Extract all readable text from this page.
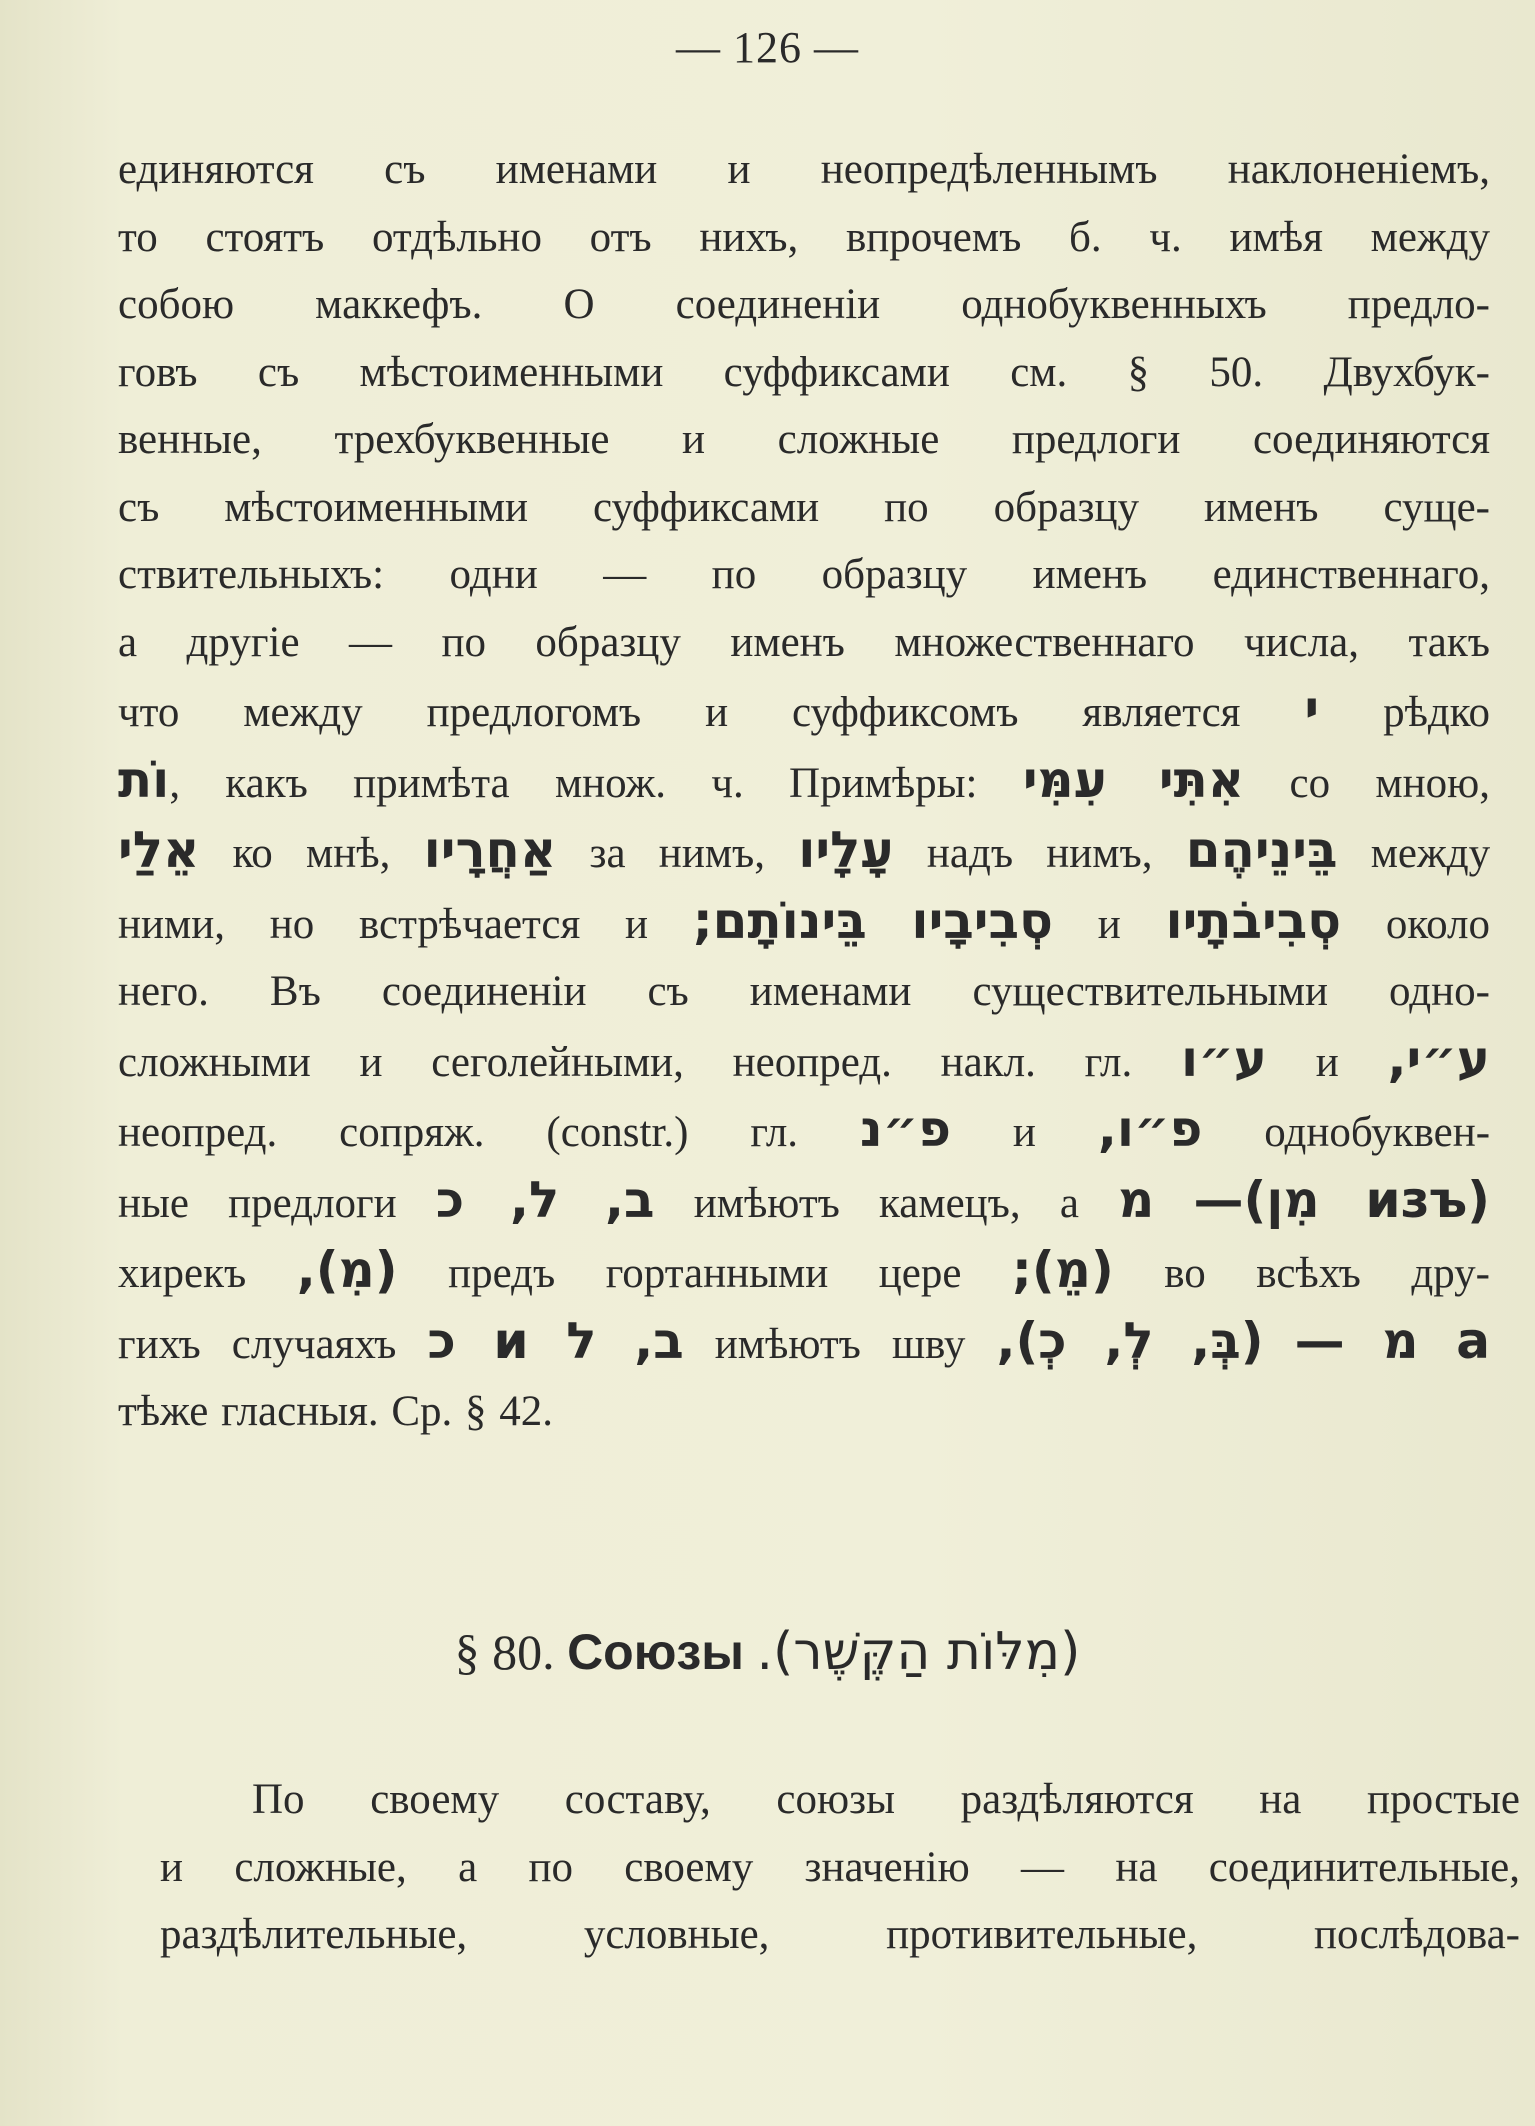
— 126 —
единяются съ именами и неопредѣленнымъ наклоненіемъ,
то стоятъ отдѣльно отъ нихъ, впрочемъ б. ч. имѣя между
собою маккефъ. О соединеніи однобуквенныхъ предло-
говъ съ мѣстоименными суффиксами см. § 50. Двухбук-
венные, трехбуквенные и сложные предлоги соединяются
съ мѣстоименными суффиксами по образцу именъ суще-
ствительныхъ: одни — по образцу именъ единственнаго,
а другіе — по образцу именъ множественнаго числа, такъ
что между предлогомъ и суффиксомъ является י рѣдко
וֹת, какъ примѣта множ. ч. Примѣры: אִתִּי עִמִּי со мною,
אֵלַי ко мнѣ, אַחֲרָיו за нимъ, עָלָיו надъ нимъ, בֵּינֵיהֶם между
ними, но встрѣчается и בֵּינוֹתָם; סְבִיבָיו и סְבִיבֹתָיו около
него. Въ соединеніи съ именами существительными одно-
сложными и сеголейными, неопред. накл. гл. ע״ו и ע״י,
неопред. сопряж. (constr.) гл. פ״נ и פ״ו, однобуквен-
ные предлоги ב, ל, כ имѣютъ камецъ, а מ (изъ מִן)—
хирекъ (מִ), предъ гортанными цере (מֵ); во всѣхъ дру-
гихъ случаяхъ ב, ל и כ имѣютъ шву (בְּ, לְ, כְ), а מ —
тѣже гласныя. Ср. § 42.
§ 80. Союзы (מִלּוֹת הַקֶּשֶׁר).
По своему составу, союзы раздѣляются на простые
и сложные, а по своему значенію — на соединительные,
раздѣлительные, условные, противительные, послѣдова-
